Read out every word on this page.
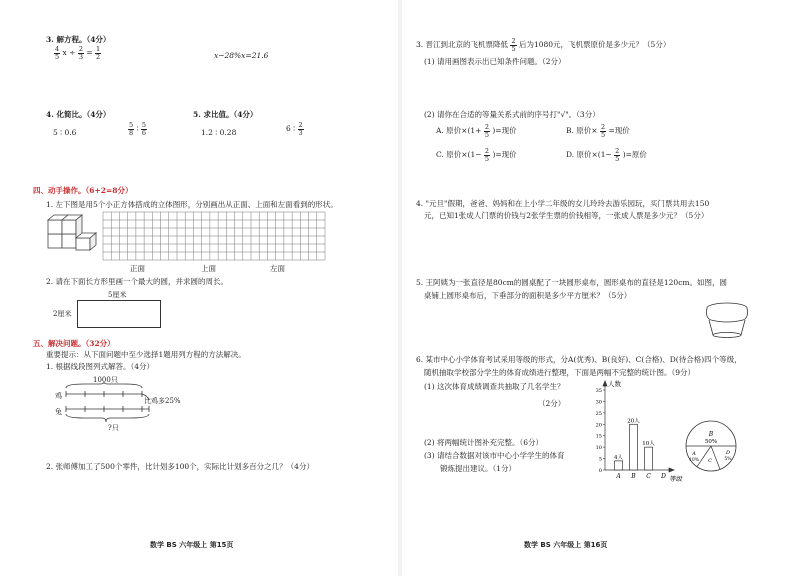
3. 解方程。（4分）
$\frac{4}{5}$ $x \div \frac{2}{3} = \frac{1}{2}$	x−28%x=21.6
4. 化简比。（4分）	5. 求比值。（4分）
5 ∶ 0.6	$\frac{5}{8}$ ∶ $\frac{5}{6}$	1.2 ∶ 0.28	6 ∶ $\frac{2}{3}$
四、动手操作。（6+2=8分）
1. 左下图是用5个小正方体搭成的立体图形，分别画出从正面、上面和左面看到的形状。
正面	上面	左面
2. 请在下面长方形里画一个最大的圆，并求圆的周长。
5厘米
2厘米
五、解决问题。（32分）
重要提示：从下面问题中至少选择1题用列方程的方法解决。
1. 根据线段图列式解答。（4分）
1000只
鸡
兔
比鸡多25%
?只
2. 张师傅加工了500个零件，比计划多100个，实际比计划多百分之几？（4分）
数学 BS 六年级上 第15页
3. 晋江到北京的飞机票降低 $\frac{2}{5}$ 后为1080元，飞机票原价是多少元？（5分）
(1) 请用画图表示出已知条件问题。（2分）
(2) 请你在合适的等量关系式前的序号打"√"。（3分）
A. 原价$\times(1+ \frac{2}{5}$ )=现价	B. 原价× $\frac{2}{5}$ =现价
C. 原价$\times(1- \frac{2}{5}$ )=现价	D. 原价$\times(1- \frac{2}{5}$ )=原价
4. "元旦"假期，爸爸、妈妈和在上小学二年级的女儿玲玲去游乐园玩，买门票共用去150
元，已知1张成人门票的价钱与2张学生票的价钱相等，一张成人票是多少元？（5分）
5. 王阿姨为一张直径是80cm的圆桌配了一块圆形桌布，圆形桌布的直径是120cm。如图，圆
桌铺上圆形桌布后，下垂部分的面积是多少平方厘米？（5分）
6. 某市中心小学体育考试采用等级的形式，分A(优秀)、B(良好)、C(合格)、D(待合格)四个等级，
随机抽取学校部分学生的体育成绩进行整理，下面是两幅不完整的统计图。（9分）
(1) 这次体育成绩调查共抽取了几名学生？
（2分）
(2) 将两幅统计图补充完整。（6分）
(3) 请结合数据对该市中心小学学生的体育
锻炼提出建议。（1分）
人数
等级
0
5
10
15
20
25
30
35
4人
A
20人
B
10人
C D
B
50%
A
10% C
D
5%
数学 BS 六年级上 第16页
